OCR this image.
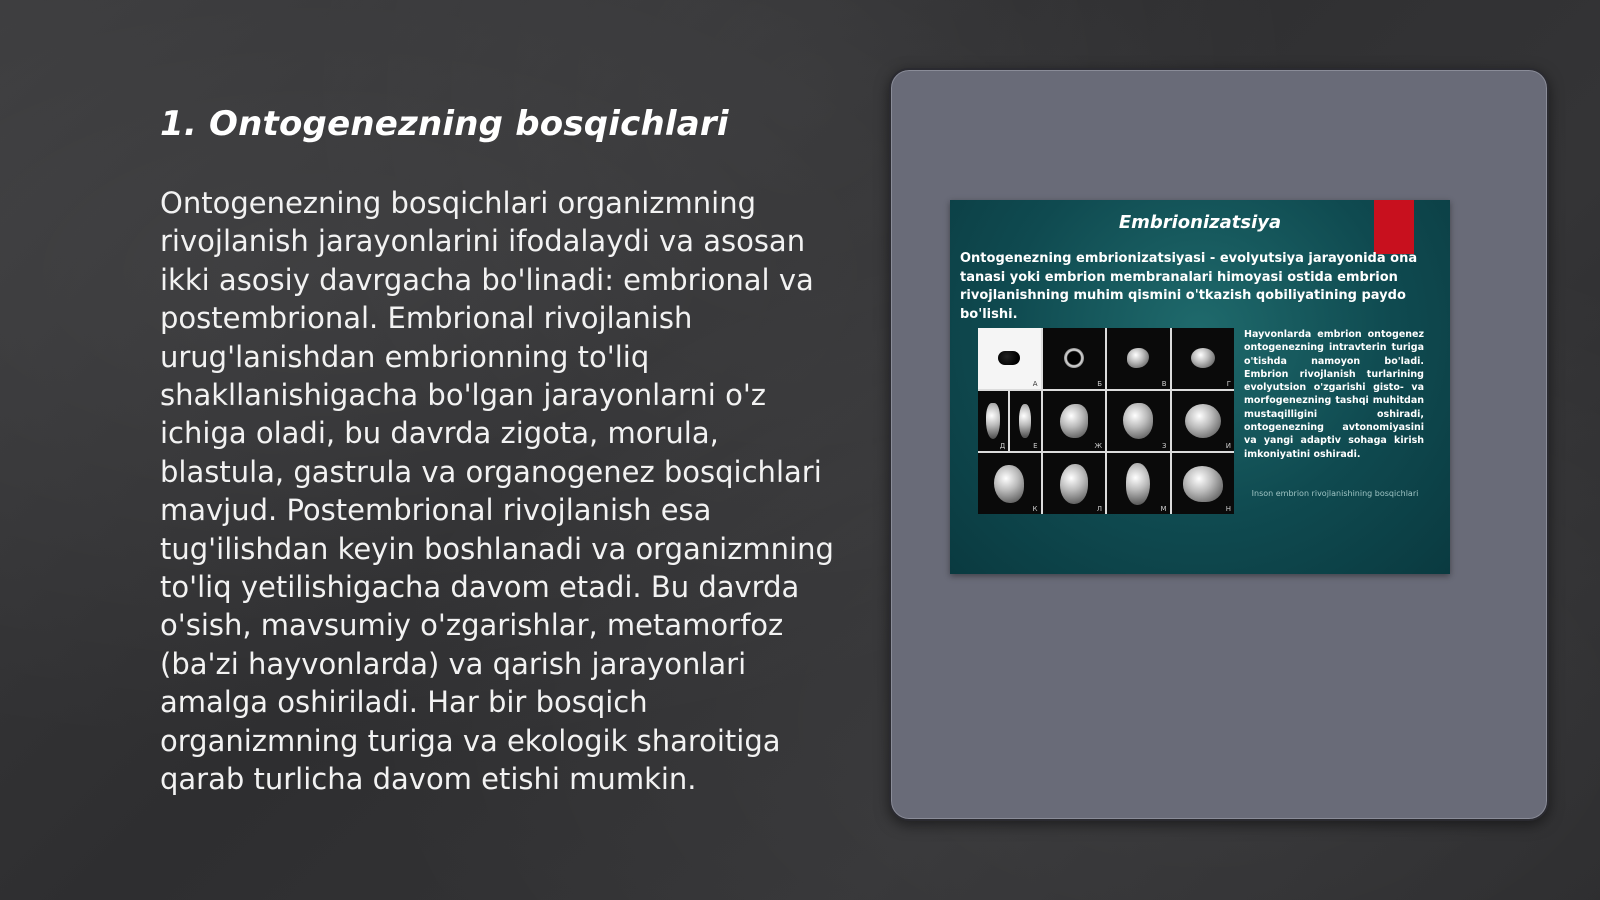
1. Ontogenezning bosqichlari

Ontogenezning bosqichlari organizmning rivojlanish jarayonlarini ifodalaydi va asosan ikki asosiy davrgacha bo'linadi: embrional va postembrional. Embrional rivojlanish urug'lanishdan embrionning to'liq shakllanishigacha bo'lgan jarayonlarni o'z ichiga oladi, bu davrda zigota, morula, blastula, gastrula va organogenez bosqichlari mavjud. Postembrional rivojlanish esa tug'ilishdan keyin boshlanadi va organizmning to'liq yetilishigacha davom etadi. Bu davrda o'sish, mavsumiy o'zgarishlar, metamorfoz (ba'zi hayvonlarda) va qarish jarayonlari amalga oshiriladi. Har bir bosqich organizmning turiga va ekologik sharoitiga qarab turlicha davom etishi mumkin.

Embrionizatsiya
Ontogenezning embrionizatsiyasi - evolyutsiya jarayonida ona tanasi yoki embrion membranalari himoyasi ostida embrion rivojlanishning muhim qismini o'tkazish qobiliyatining paydo bo'lishi.
A	Б	В	Г
Д	Е	Ж	З	И
К	Л	М	Н
Hayvonlarda embrion ontogenez ontogenezning intravterin turiga o'tishda namoyon bo'ladi. Embrion rivojlanish turlarining evolyutsion o'zgarishi gisto- va morfogenezning tashqi muhitdan mustaqilligini oshiradi, ontogenezning avtonomiyasini va yangi adaptiv sohaga kirish imkoniyatini oshiradi.
Inson embrion rivojlanishining bosqichlari
